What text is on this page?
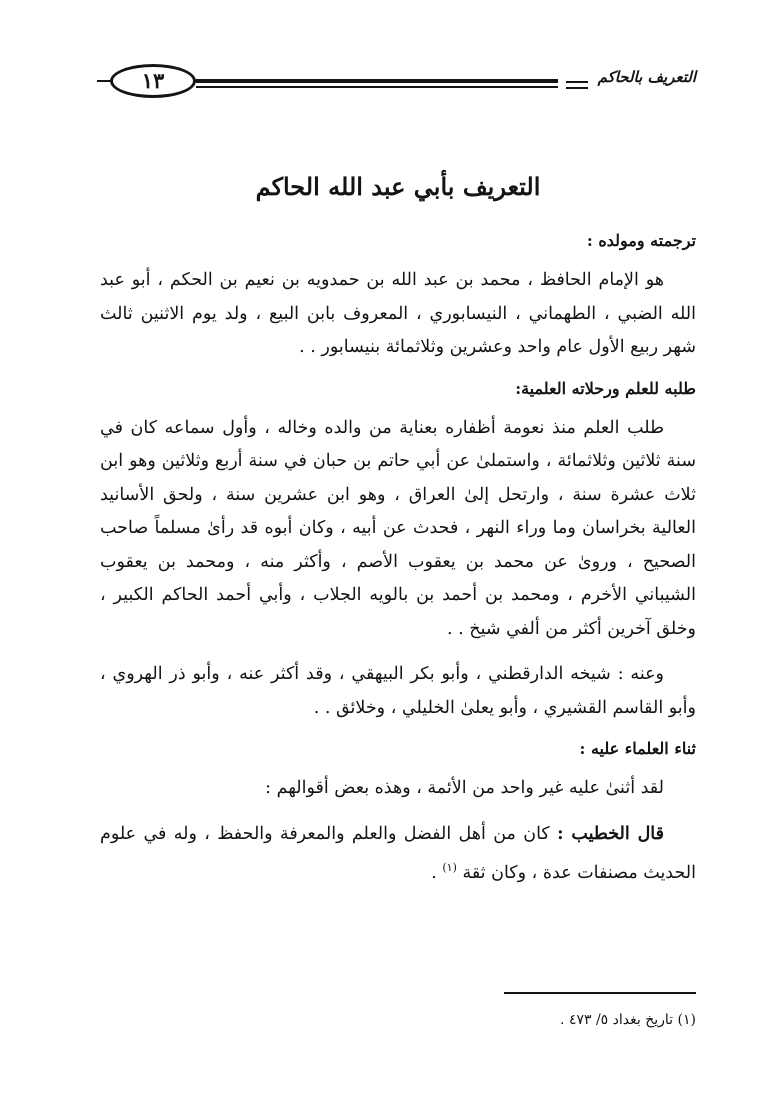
التعريف بالحاكم
١٣
التعريف بأبي عبد الله الحاكم
ترجمته ومولده :

هو الإمام الحافظ ، محمد بن عبد الله بن حمدويه بن نعيم بن الحكم ، أبو عبد الله الضبي ، الطهماني ، النيسابوري ، المعروف بابن البيع ، ولد يوم الاثنين ثالث شهر ربيع الأول عام واحد وعشرين وثلاثمائة بنيسابور . .

طلبه للعلم ورحلاته العلمية:

طلب العلم منذ نعومة أظفاره بعناية من والده وخاله ، وأول سماعه كان في سنة ثلاثين وثلاثمائة ، واستملىٰ عن أبي حاتم بن حبان في سنة أربع وثلاثين وهو ابن ثلاث عشرة سنة ، وارتحل إلىٰ العراق ، وهو ابن عشرين سنة ، ولحق الأسانيد العالية بخراسان وما وراء النهر ، فحدث عن أبيه ، وكان أبوه قد رأىٰ مسلماً صاحب الصحيح ، وروىٰ عن محمد بن يعقوب الأصم ، وأكثر منه ، ومحمد بن يعقوب الشيباني الأخرم ، ومحمد بن أحمد بن بالويه الجلاب ، وأبي أحمد الحاكم الكبير ، وخلق آخرين أكثر من ألفي شيخ . .

وعنه : شيخه الدارقطني ، وأبو بكر البيهقي ، وقد أكثر عنه ، وأبو ذر الهروي ، وأبو القاسم القشيري ، وأبو يعلىٰ الخليلي ، وخلائق . .

ثناء العلماء عليه :

لقد أثنىٰ عليه غير واحد من الأئمة ، وهذه بعض أقوالهم :

قال الخطيب : كان من أهل الفضل والعلم والمعرفة والحفظ ، وله في علوم الحديث مصنفات عدة ، وكان ثقة $^{(١)}$ .

(١) تاريخ بغداد ٥/ ٤٧٣ .
